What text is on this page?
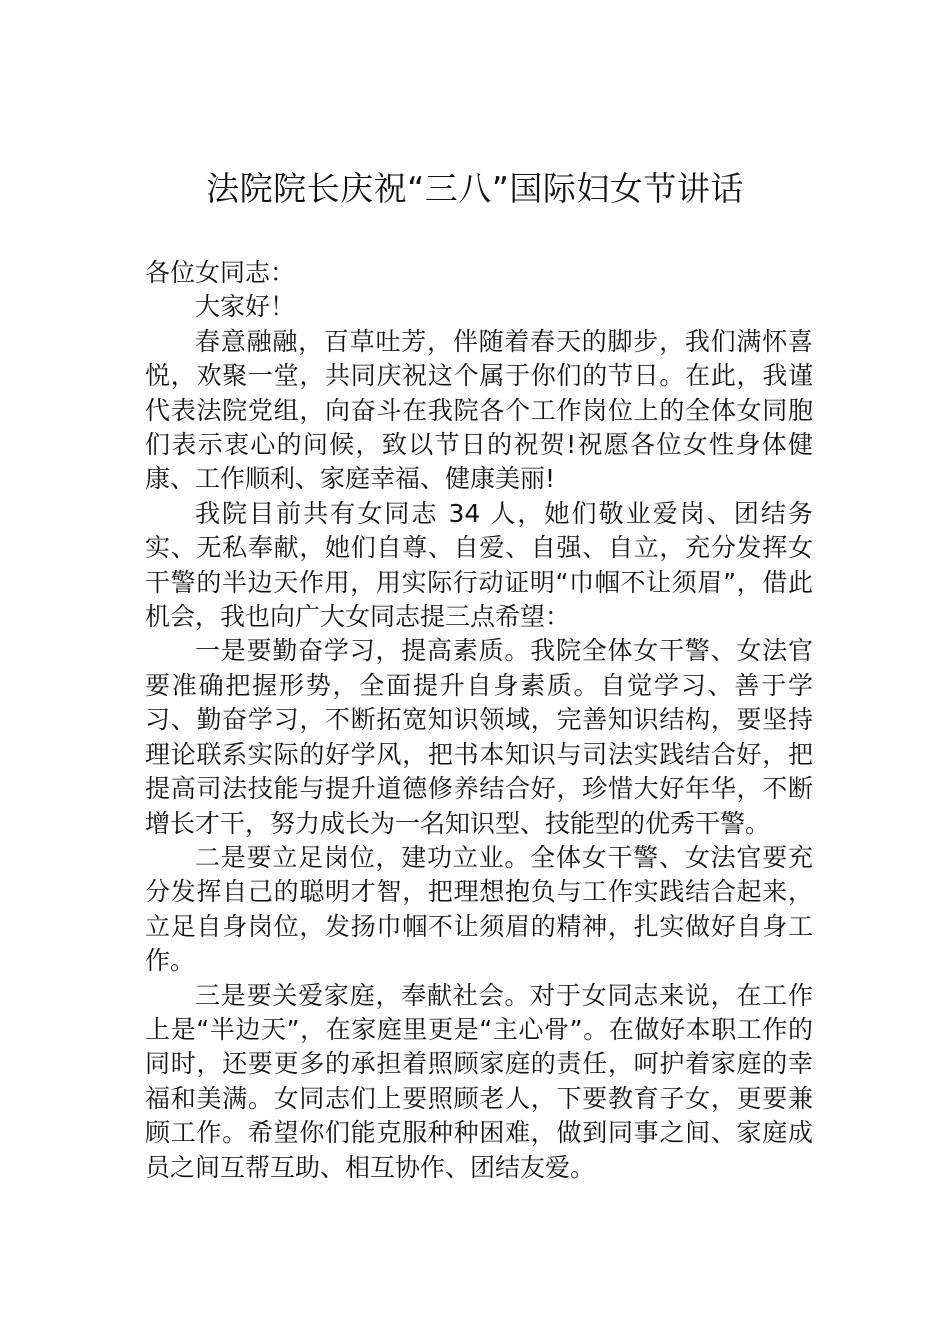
法院院长庆祝“三八”国际妇女节讲话

各位女同志：

大家好！

春意融融，百草吐芳，伴随着春天的脚步，我们满怀喜悦，欢聚一堂，共同庆祝这个属于你们的节日。在此，我谨代表法院党组，向奋斗在我院各个工作岗位上的全体女同胞们表示衷心的问候，致以节日的祝贺!祝愿各位女性身体健康、工作顺利、家庭幸福、健康美丽!

我院目前共有女同志 34 人，她们敬业爱岗、团结务实、无私奉献，她们自尊、自爱、自强、自立，充分发挥女干警的半边天作用，用实际行动证明“巾帼不让须眉”，借此机会，我也向广大女同志提三点希望：

一是要勤奋学习，提高素质。我院全体女干警、女法官要准确把握形势，全面提升自身素质。自觉学习、善于学习、勤奋学习，不断拓宽知识领域，完善知识结构，要坚持理论联系实际的好学风，把书本知识与司法实践结合好，把提高司法技能与提升道德修养结合好，珍惜大好年华，不断增长才干，努力成长为一名知识型、技能型的优秀干警。

二是要立足岗位，建功立业。全体女干警、女法官要充分发挥自己的聪明才智，把理想抱负与工作实践结合起来，立足自身岗位，发扬巾帼不让须眉的精神，扎实做好自身工作。

三是要关爱家庭，奉献社会。对于女同志来说，在工作上是“半边天”，在家庭里更是“主心骨”。在做好本职工作的同时，还要更多的承担着照顾家庭的责任，呵护着家庭的幸福和美满。女同志们上要照顾老人，下要教育子女，更要兼顾工作。希望你们能克服种种困难，做到同事之间、家庭成员之间互帮互助、相互协作、团结友爱。
